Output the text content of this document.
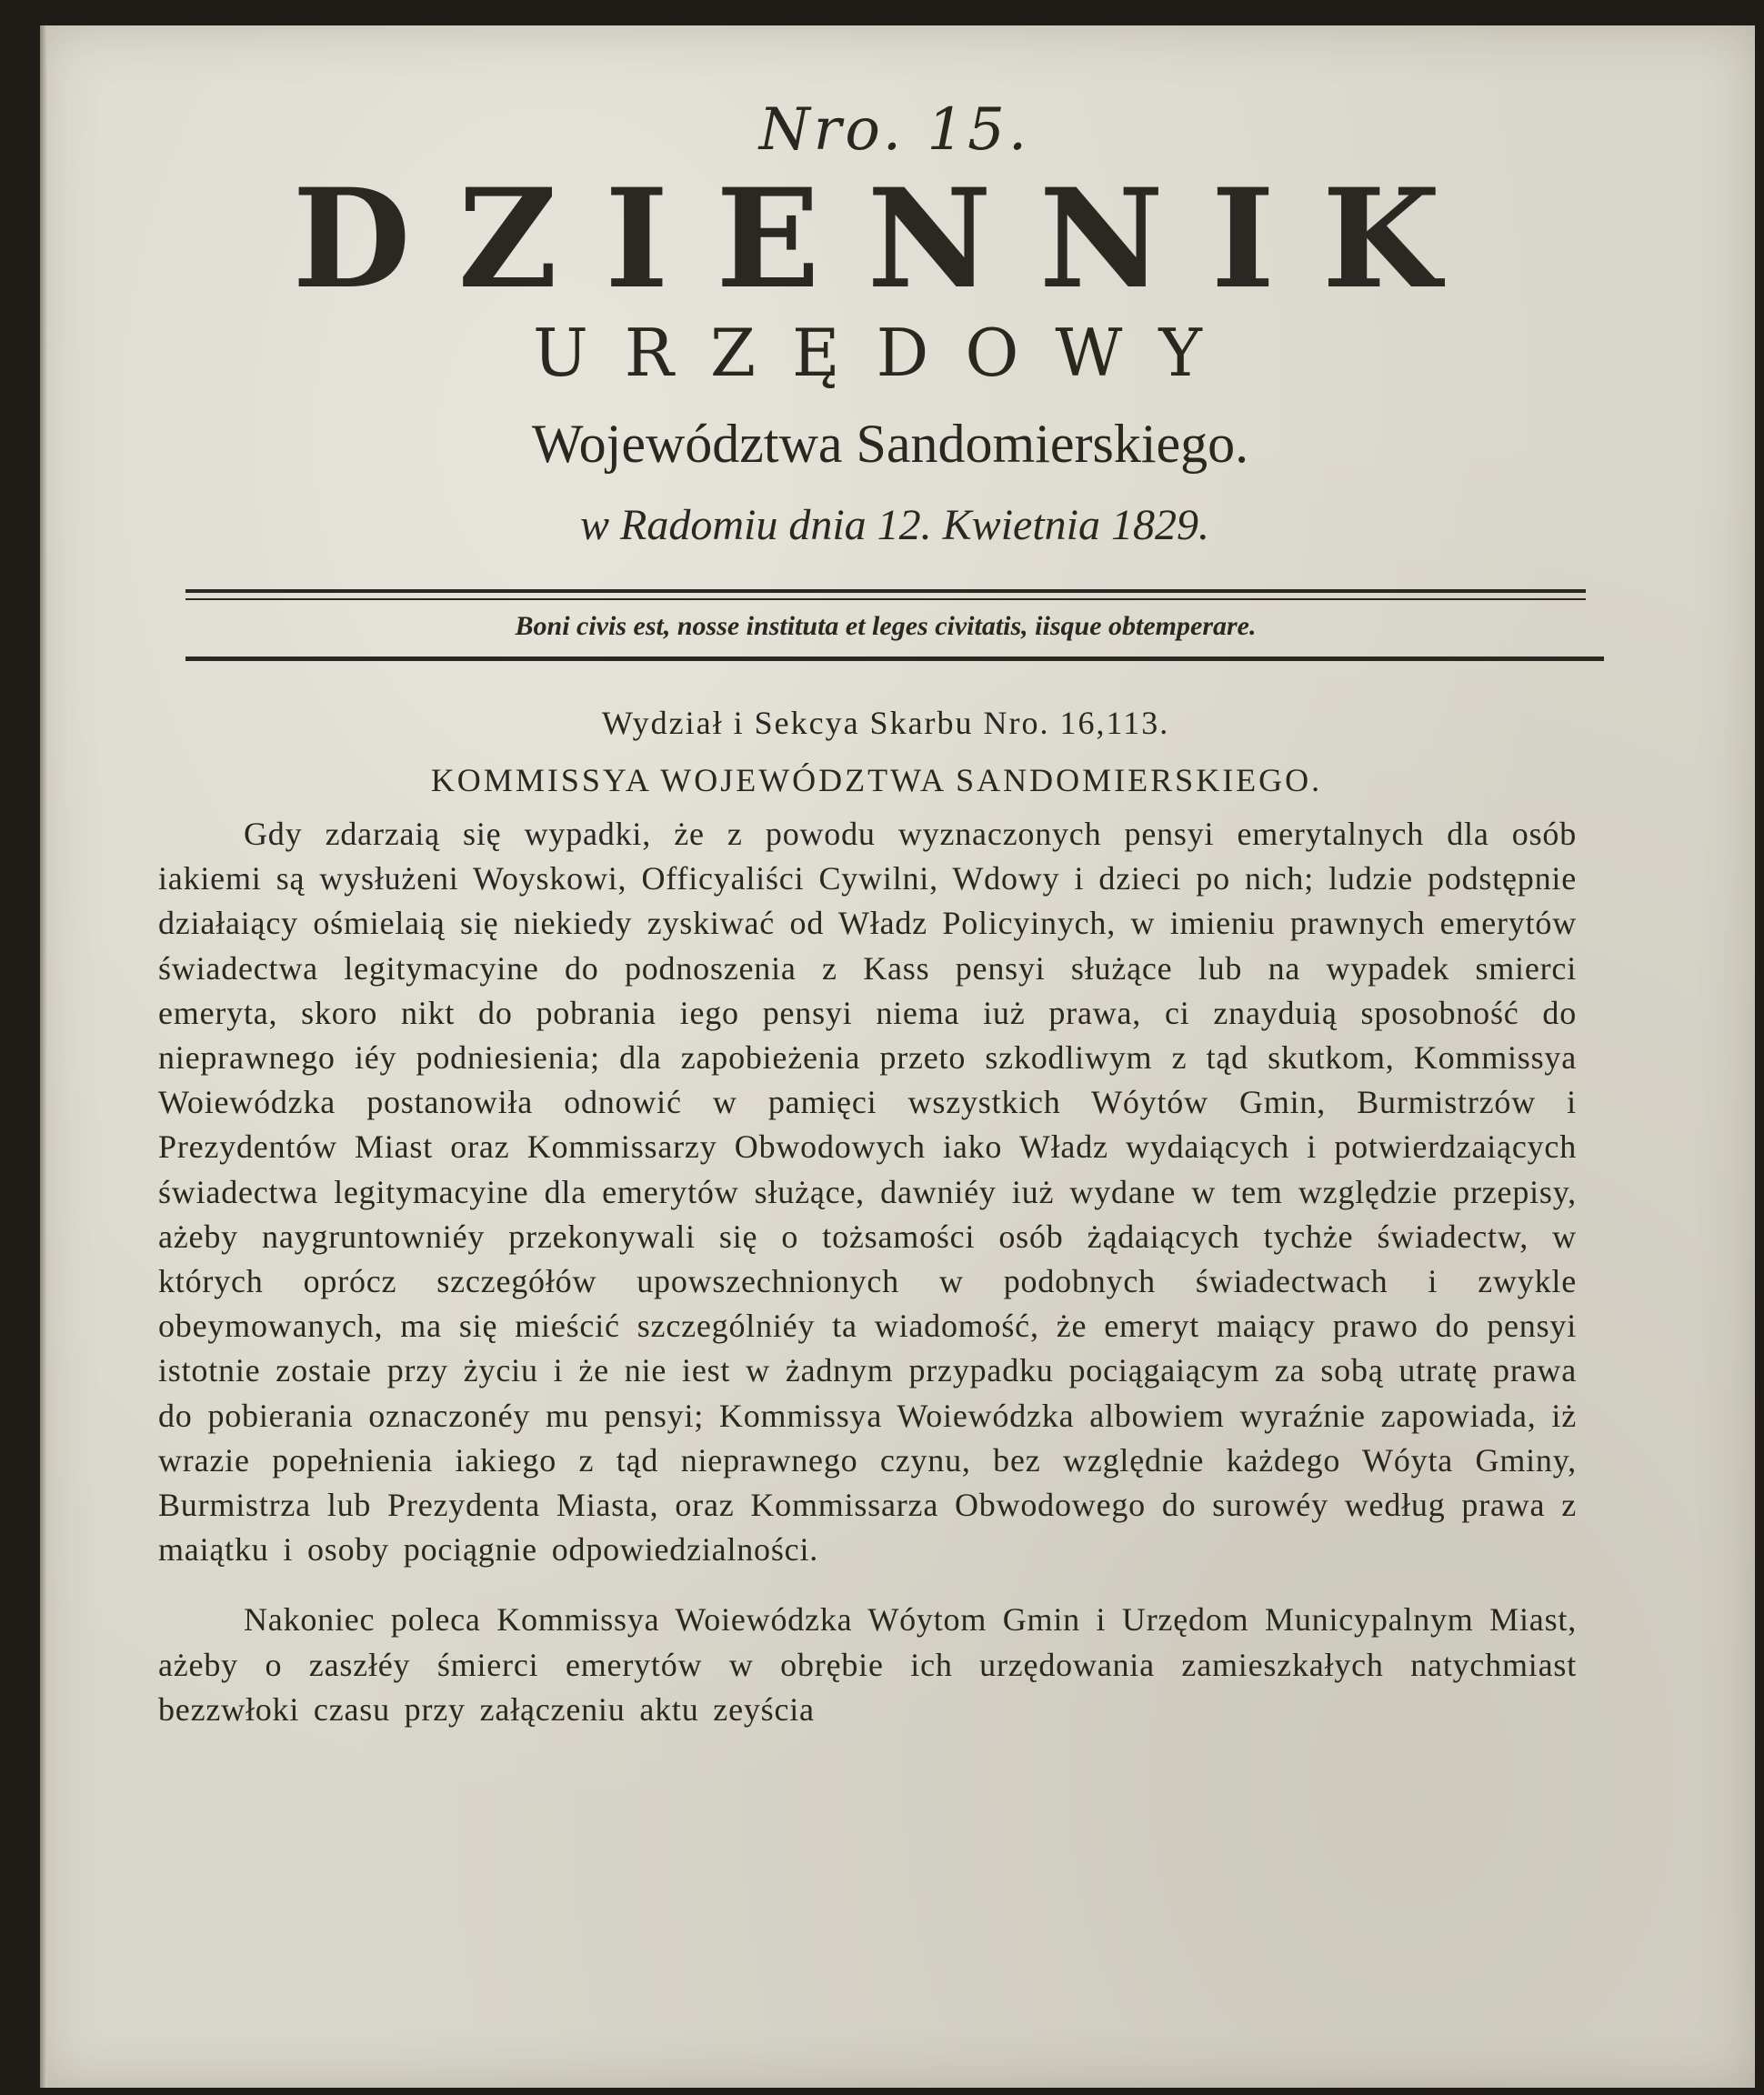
Nro. 15.

DZIENNIK

URZĘDOWY

Województwa Sandomierskiego.

w Radomiu dnia 12. Kwietnia 1829.

Boni civis est, nosse instituta et leges civitatis, iisque obtemperare.

Wydział i Sekcya Skarbu Nro. 16,113.

KOMMISSYA WOJEWÓDZTWA SANDOMIERSKIEGO.

Gdy zdarzaią się wypadki, że z powodu wyznaczonych pensyi emerytalnych dla osób iakiemi są wysłużeni Woyskowi, Officyaliści Cywilni, Wdowy i dzieci po nich; ludzie podstępnie działaiący ośmielaią się niekiedy zyskiwać od Władz Policyinych, w imieniu prawnych emerytów świadectwa legitymacyine do podnoszenia z Kass pensyi służące lub na wypadek smierci emeryta, skoro nikt do pobrania iego pensyi niema iuż prawa, ci znayduią sposobność do nieprawnego iéy podniesienia; dla zapobieżenia przeto szkodliwym z tąd skutkom, Kommissya Woiewódzka postanowiła odnowić w pamięci wszystkich Wóytów Gmin, Burmistrzów i Prezydentów Miast oraz Kommissarzy Obwodowych iako Władz wydaiących i potwierdzaiących świadectwa legitymacyine dla emerytów służące, dawniéy iuż wydane w tem względzie przepisy, ażeby naygruntowniéy przekonywali się o tożsamości osób żądaiących tychże świadectw, w których oprócz szczegółów upowszechnionych w podobnych świadectwach i zwykle obeymowanych, ma się mieścić szczególniéy ta wiadomość, że emeryt maiący prawo do pensyi istotnie zostaie przy życiu i że nie iest w żadnym przypadku pociągaiącym za sobą utratę prawa do pobierania oznaczonéy mu pensyi; Kommissya Woiewódzka albowiem wyraźnie zapowiada, iż wrazie popełnienia iakiego z tąd nieprawnego czynu, bez względnie każdego Wóyta Gminy, Burmistrza lub Prezydenta Miasta, oraz Kommissarza Obwodowego do surowéy według prawa z maiątku i osoby pociągnie odpowiedzialności.

Nakoniec poleca Kommissya Woiewódzka Wóytom Gmin i Urzędom Municypalnym Miast, ażeby o zaszłéy śmierci emerytów w obrębie ich urzędowania zamieszkałych natychmiast bezzwłoki czasu przy załączeniu aktu zeyścia
